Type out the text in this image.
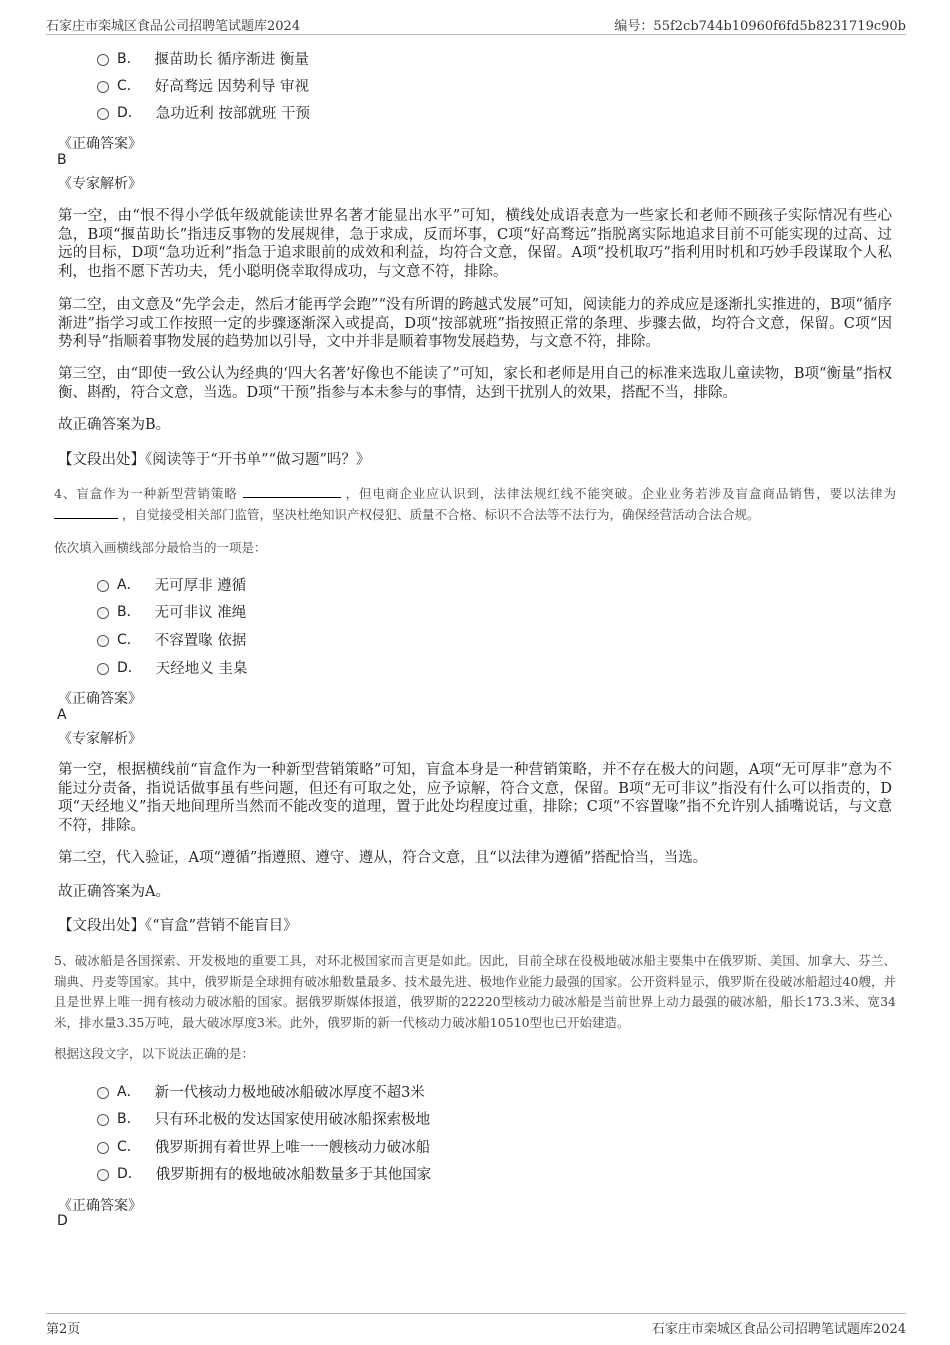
石家庄市栾城区食品公司招聘笔试题库2024	编号：55f2cb744b10960f6fd5b8231719c90b
B． 揠苗助长 循序渐进 衡量
C． 好高骛远 因势利导 审视
D． 急功近利 按部就班 干预
《正确答案》
B
《专家解析》
第一空，由“恨不得小学低年级就能读世界名著才能显出水平”可知，横线处成语表意为一些家长和老师不顾孩子实际情况有些心急，B项“揠苗助长”指违反事物的发展规律，急于求成，反而坏事，C项“好高骛远”指脱离实际地追求目前不可能实现的过高、过远的目标，D项“急功近利”指急于追求眼前的成效和利益，均符合文意，保留。A项“投机取巧”指利用时机和巧妙手段谋取个人私利，也指不愿下苦功夫，凭小聪明侥幸取得成功，与文意不符，排除。
第二空，由文意及“先学会走，然后才能再学会跑”“没有所谓的跨越式发展”可知，阅读能力的养成应是逐渐扎实推进的，B项“循序渐进”指学习或工作按照一定的步骤逐渐深入或提高，D项“按部就班”指按照正常的条理、步骤去做，均符合文意，保留。C项“因势利导”指顺着事物发展的趋势加以引导，文中并非是顺着事物发展趋势，与文意不符，排除。
第三空，由“即使一致公认为经典的‘四大名著’好像也不能读了”可知，家长和老师是用自己的标准来选取儿童读物，B项“衡量”指权衡、斟酌，符合文意，当选。D项“干预”指参与本未参与的事情，达到干扰别人的效果，搭配不当，排除。
故正确答案为B。
【文段出处】《阅读等于“开书单”“做习题”吗？》
4、盲盒作为一种新型营销策略	，但电商企业应认识到，法律法规红线不能突破。企业业务若涉及盲盒商品销售，要以法律为  ，自觉接受相关部门监管，坚决杜绝知识产权侵犯、质量不合格、标识不合法等不法行为，确保经营活动合法合规。
依次填入画横线部分最恰当的一项是：
A． 无可厚非 遵循
B． 无可非议 准绳
C． 不容置喙 依据
D． 天经地义 圭臬
《正确答案》
A
《专家解析》
第一空，根据横线前“盲盒作为一种新型营销策略”可知，盲盒本身是一种营销策略，并不存在极大的问题，A项“无可厚非”意为不能过分责备，指说话做事虽有些问题，但还有可取之处，应予谅解，符合文意，保留。B项“无可非议”指没有什么可以指责的，D项“天经地义”指天地间理所当然而不能改变的道理，置于此处均程度过重，排除；C项“不容置喙”指不允许别人插嘴说话，与文意不符，排除。
第二空，代入验证，A项“遵循”指遵照、遵守、遵从，符合文意，且“以法律为遵循”搭配恰当，当选。
故正确答案为A。
【文段出处】《“盲盒”营销不能盲目》
5、破冰船是各国探索、开发极地的重要工具，对环北极国家而言更是如此。因此，目前全球在役极地破冰船主要集中在俄罗斯、美国、加拿大、芬兰、瑞典、丹麦等国家。其中，俄罗斯是全球拥有破冰船数量最多、技术最先进、极地作业能力最强的国家。公开资料显示，俄罗斯在役破冰船超过40艘，并且是世界上唯一拥有核动力破冰船的国家。据俄罗斯媒体报道，俄罗斯的22220型核动力破冰船是当前世界上动力最强的破冰船，船长173.3米、宽34米，排水量3.35万吨，最大破冰厚度3米。此外，俄罗斯的新一代核动力破冰船10510型也已开始建造。
根据这段文字，以下说法正确的是：
A． 新一代核动力极地破冰船破冰厚度不超3米
B． 只有环北极的发达国家使用破冰船探索极地
C． 俄罗斯拥有着世界上唯一一艘核动力破冰船
D． 俄罗斯拥有的极地破冰船数量多于其他国家
《正确答案》
D
第2页	石家庄市栾城区食品公司招聘笔试题库2024
